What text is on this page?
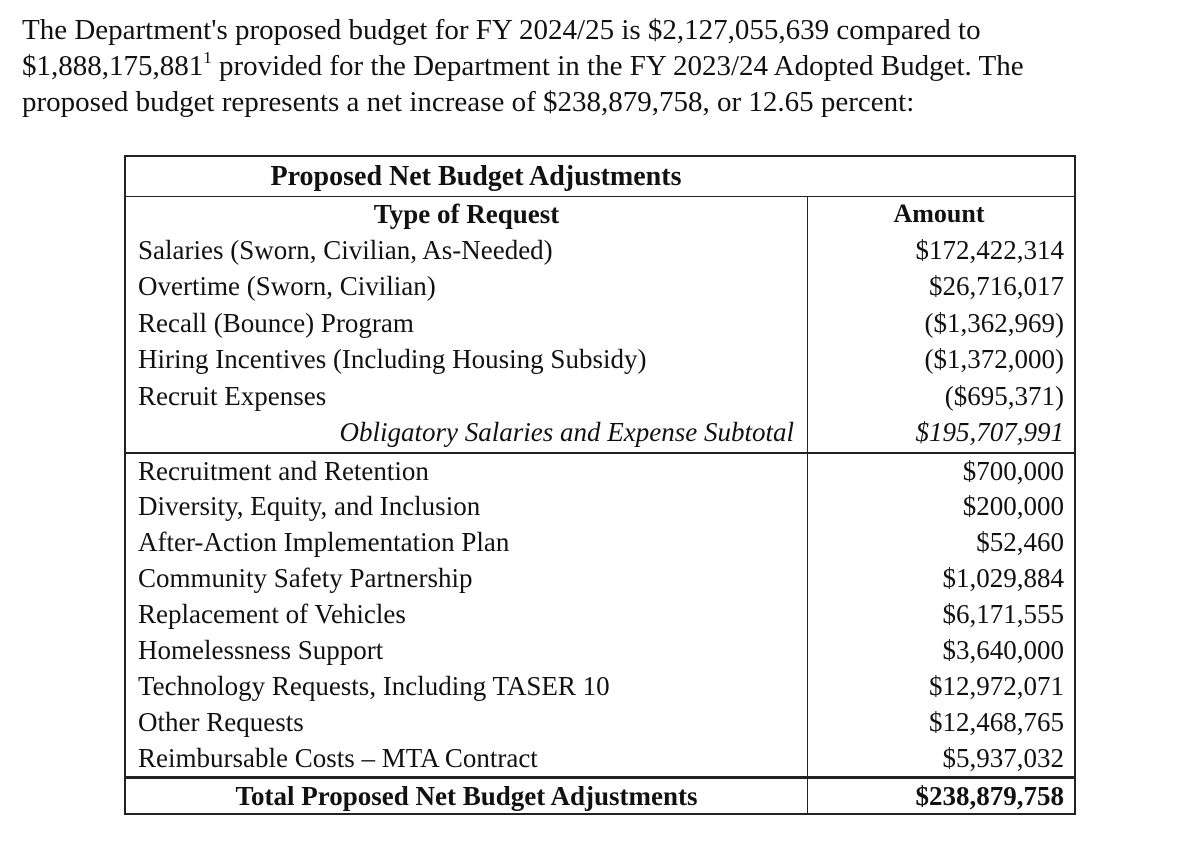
The Department's proposed budget for FY 2024/25 is $2,127,055,639 compared to
$1,888,175,881$^1$ provided for the Department in the FY 2023/24 Adopted Budget. The
proposed budget represents a net increase of $238,879,758, or 12.65 percent:
Proposed Net Budget Adjustments
Type of Request	Amount
Salaries (Sworn, Civilian, As-Needed)	$172,422,314
Overtime (Sworn, Civilian)	$26,716,017
Recall (Bounce) Program	($1,362,969)
Hiring Incentives (Including Housing Subsidy)	($1,372,000)
Recruit Expenses	($695,371)
Obligatory Salaries and Expense Subtotal	$195,707,991
Recruitment and Retention	$700,000
Diversity, Equity, and Inclusion	$200,000
After-Action Implementation Plan	$52,460
Community Safety Partnership	$1,029,884
Replacement of Vehicles	$6,171,555
Homelessness Support	$3,640,000
Technology Requests, Including TASER 10	$12,972,071
Other Requests	$12,468,765
Reimbursable Costs – MTA Contract	$5,937,032
Total Proposed Net Budget Adjustments	$238,879,758
